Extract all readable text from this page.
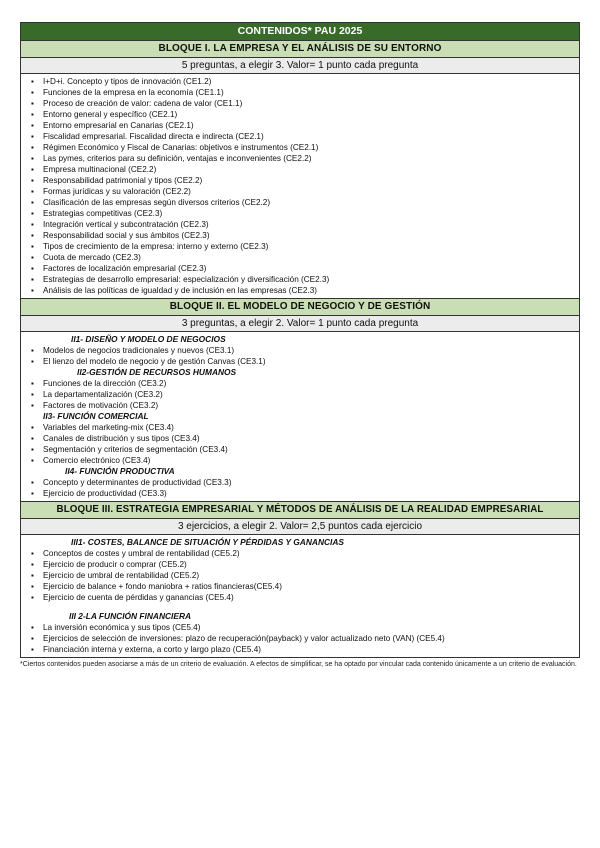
CONTENIDOS* PAU 2025
BLOQUE I. LA EMPRESA Y EL ANÁLISIS DE SU ENTORNO
5 preguntas, a elegir 3. Valor= 1 punto cada pregunta
▪ I+D+i. Concepto y tipos de innovación (CE1.2)
▪ Funciones de la empresa en la economía (CE1.1)
▪ Proceso de creación de valor: cadena de valor (CE1.1)
▪ Entorno general y específico (CE2.1)
▪ Entorno empresarial en Canarias (CE2.1)
▪ Fiscalidad empresarial. Fiscalidad directa e indirecta (CE2.1)
▪ Régimen Económico y Fiscal de Canarias: objetivos e instrumentos (CE2.1)
▪ Las pymes, criterios para su definición, ventajas e inconvenientes (CE2.2)
▪ Empresa multinacional (CE2.2)
▪ Responsabilidad patrimonial y tipos (CE2.2)
▪ Formas jurídicas y su valoración (CE2.2)
▪ Clasificación de las empresas según diversos criterios (CE2.2)
▪ Estrategias competitivas (CE2.3)
▪ Integración vertical y subcontratación (CE2.3)
▪ Responsabilidad social y sus ámbitos (CE2.3)
▪ Tipos de crecimiento de la empresa: interno y externo (CE2.3)
▪ Cuota de mercado (CE2.3)
▪ Factores de localización empresarial (CE2.3)
▪ Estrategias de desarrollo empresarial: especialización y diversificación (CE2.3)
▪ Análisis de las políticas de igualdad y de inclusión en las empresas (CE2.3)
BLOQUE II. EL MODELO DE NEGOCIO Y DE GESTIÓN
3 preguntas, a elegir 2. Valor= 1 punto cada pregunta
II1- DISEÑO Y MODELO DE NEGOCIOS
▪ Modelos de negocios tradicionales y nuevos (CE3.1)
▪ El lienzo del modelo de negocio y de gestión Canvas (CE3.1)
II2-GESTIÓN DE RECURSOS HUMANOS
▪ Funciones de la dirección (CE3.2)
▪ La departamentalización (CE3.2)
▪ Factores de motivación (CE3.2)
II3- FUNCIÓN COMERCIAL
▪ Variables del marketing-mix (CE3.4)
▪ Canales de distribución y sus tipos (CE3.4)
▪ Segmentación y criterios de segmentación (CE3.4)
▪ Comercio electrónico (CE3.4)
II4- FUNCIÓN PRODUCTIVA
▪ Concepto y determinantes de productividad (CE3.3)
▪ Ejercicio de productividad (CE3.3)
BLOQUE III. ESTRATEGIA EMPRESARIAL Y MÉTODOS DE ANÁLISIS DE LA REALIDAD EMPRESARIAL
3 ejercicios, a elegir 2. Valor= 2,5 puntos cada ejercicio
III1- COSTES, BALANCE DE SITUACIÓN Y PÉRDIDAS Y GANANCIAS
▪ Conceptos de costes y umbral de rentabilidad (CE5.2)
▪ Ejercicio de producir o comprar (CE5.2)
▪ Ejercicio de umbral de rentabilidad (CE5.2)
▪ Ejercicio de balance + fondo maniobra + ratios financieras(CE5.4)
▪ Ejercicio de cuenta de pérdidas y ganancias (CE5.4)
III 2-LA FUNCIÓN FINANCIERA
▪ La inversión económica y sus tipos (CE5.4)
▪ Ejercicios de selección de inversiones: plazo de recuperación(payback) y valor actualizado neto (VAN) (CE5.4)
▪ Financiación interna y externa, a corto y largo plazo (CE5.4)
*Ciertos contenidos pueden asociarse a más de un criterio de evaluación. A efectos de simplificar, se ha optado por vincular cada contenido únicamente a un criterio de evaluación.
